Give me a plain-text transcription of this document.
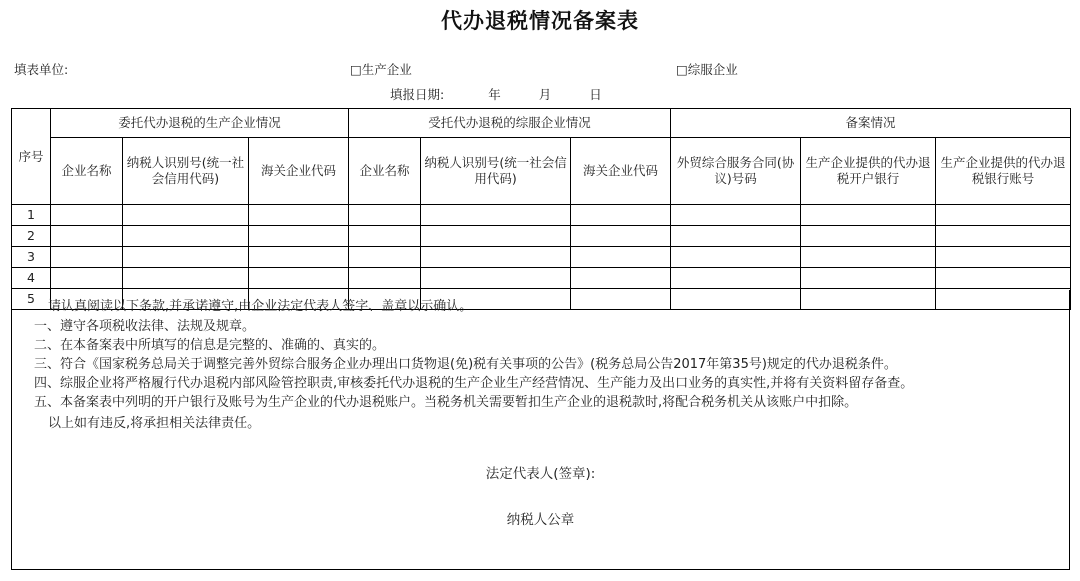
代办退税情况备案表
填表单位:	□生产企业	□综服企业
填报日期:	年	月	日
序号	委托代办退税的生产企业情况			受托代办退税的综服企业情况			备案情况		
	企业名称	纳税人识别号(统一社会信用代码)	海关企业代码	企业名称	纳税人识别号(统一社会信用代码)	海关企业代码	外贸综合服务合同(协议)号码	生产企业提供的代办退税开户银行	生产企业提供的代办退税银行账号
1									
2									
3									
4									
5									
请认真阅读以下条款,并承诺遵守,由企业法定代表人签字、盖章以示确认。
一、遵守各项税收法律、法规及规章。
二、在本备案表中所填写的信息是完整的、准确的、真实的。
三、符合《国家税务总局关于调整完善外贸综合服务企业办理出口货物退(免)税有关事项的公告》(税务总局公告2017年第35号)规定的代办退税条件。
四、综服企业将严格履行代办退税内部风险管控职责,审核委托代办退税的生产企业生产经营情况、生产能力及出口业务的真实性,并将有关资料留存备查。
五、本备案表中列明的开户银行及账号为生产企业的代办退税账户。当税务机关需要暂扣生产企业的退税款时,将配合税务机关从该账户中扣除。
以上如有违反,将承担相关法律责任。
法定代表人(签章):
纳税人公章
